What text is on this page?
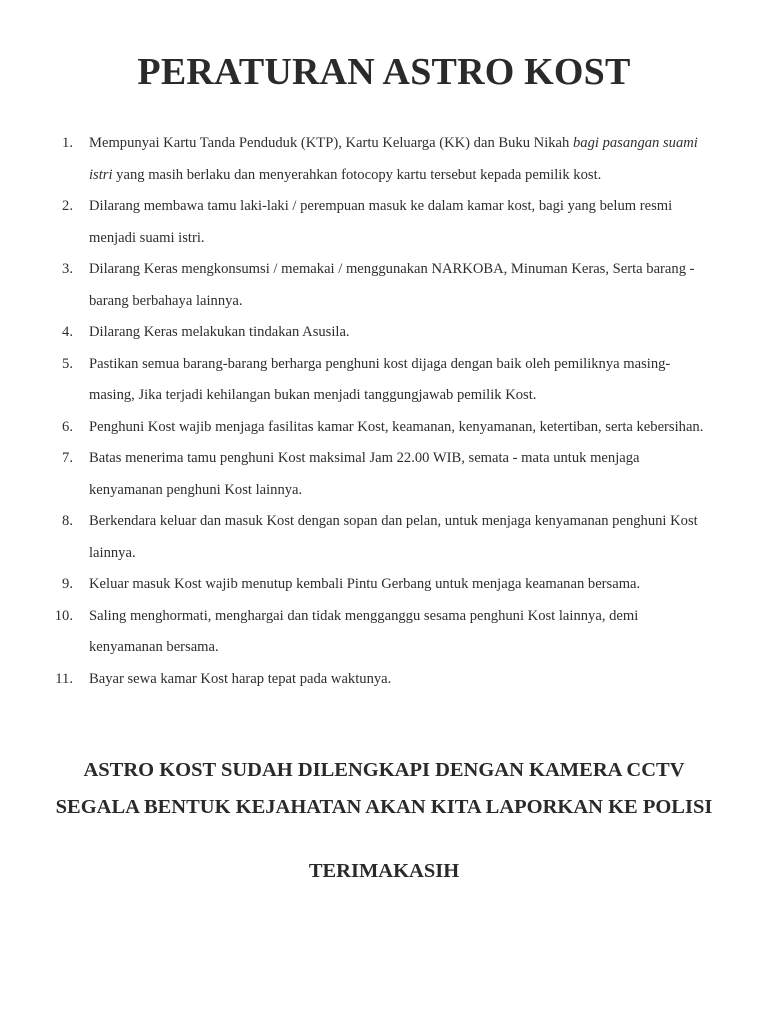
PERATURAN ASTRO KOST
1. Mempunyai Kartu Tanda Penduduk (KTP), Kartu Keluarga (KK) dan Buku Nikah bagi pasangan suami istri yang masih berlaku dan menyerahkan fotocopy kartu tersebut kepada pemilik kost.
2. Dilarang membawa tamu laki-laki / perempuan masuk ke dalam kamar kost, bagi yang belum resmi menjadi suami istri.
3. Dilarang Keras mengkonsumsi / memakai / menggunakan NARKOBA, Minuman Keras, Serta barang - barang berbahaya lainnya.
4. Dilarang Keras melakukan tindakan Asusila.
5. Pastikan semua barang-barang berharga penghuni kost dijaga dengan baik oleh pemiliknya masing-masing, Jika terjadi kehilangan bukan menjadi tanggungjawab pemilik Kost.
6. Penghuni Kost wajib menjaga fasilitas kamar Kost, keamanan, kenyamanan, ketertiban, serta kebersihan.
7. Batas menerima tamu penghuni Kost maksimal Jam 22.00 WIB, semata - mata untuk menjaga kenyamanan penghuni Kost lainnya.
8. Berkendara keluar dan masuk Kost dengan sopan dan pelan, untuk menjaga kenyamanan penghuni Kost lainnya.
9. Keluar masuk Kost wajib menutup kembali Pintu Gerbang untuk menjaga keamanan bersama.
10. Saling menghormati, menghargai dan tidak mengganggu sesama penghuni Kost lainnya, demi kenyamanan bersama.
11. Bayar sewa kamar Kost harap tepat pada waktunya.
ASTRO KOST SUDAH DILENGKAPI DENGAN KAMERA CCTV
SEGALA BENTUK KEJAHATAN AKAN KITA LAPORKAN KE POLISI
TERIMAKASIH
